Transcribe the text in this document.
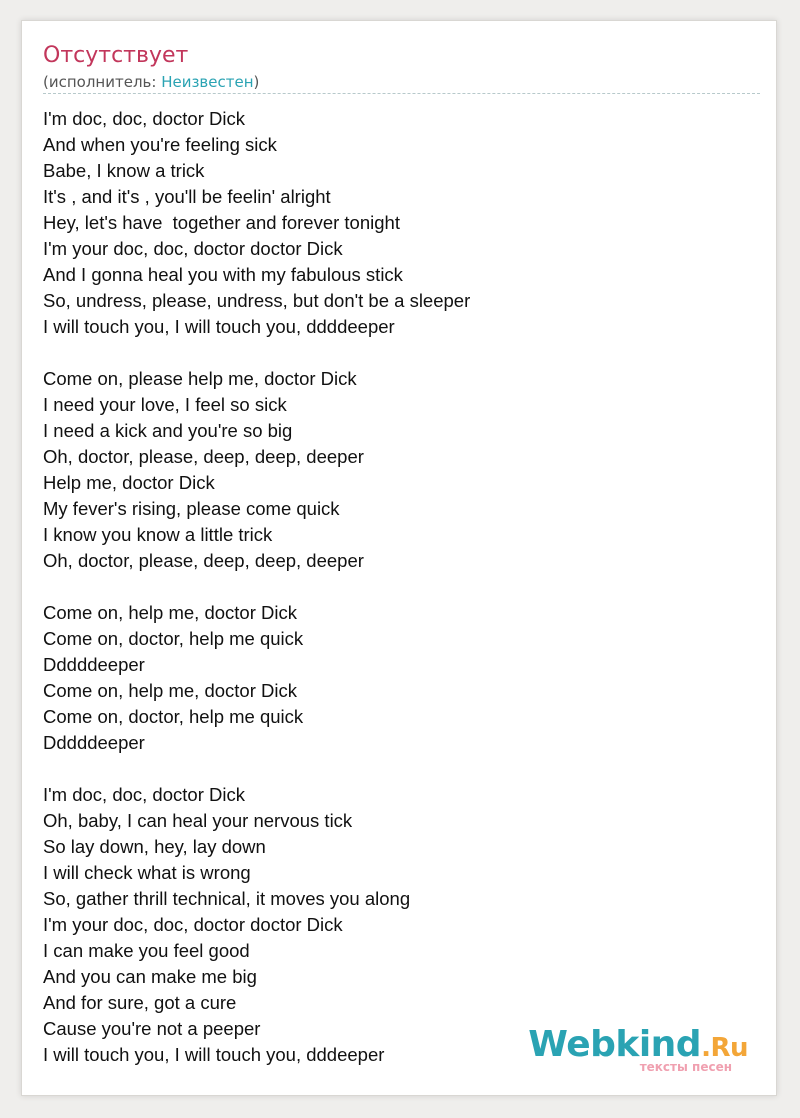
Отсутствует
(исполнитель: Неизвестен)
I'm doc, doc, doctor Dick
And when you're feeling sick
Babe, I know a trick
It's , and it's , you'll be feelin' alright
Hey, let's have  together and forever tonight
I'm your doc, doc, doctor doctor Dick
And I gonna heal you with my fabulous stick
So, undress, please, undress, but don't be a sleeper
I will touch you, I will touch you, ddddeeper
Come on, please help me, doctor Dick
I need your love, I feel so sick
I need a kick and you're so big
Oh, doctor, please, deep, deep, deeper
Help me, doctor Dick
My fever's rising, please come quick
I know you know a little trick
Oh, doctor, please, deep, deep, deeper
Come on, help me, doctor Dick
Come on, doctor, help me quick
Dddddeeper
Come on, help me, doctor Dick
Come on, doctor, help me quick
Dddddeeper
I'm doc, doc, doctor Dick
Oh, baby, I can heal your nervous tick
So lay down, hey, lay down
I will check what is wrong
So, gather thrill technical, it moves you along
I'm your doc, doc, doctor doctor Dick
I can make you feel good
And you can make me big
And for sure, got a cure
Cause you're not a peeper
I will touch you, I will touch you, dddeeper	Webkind.Ru
тексты песен
